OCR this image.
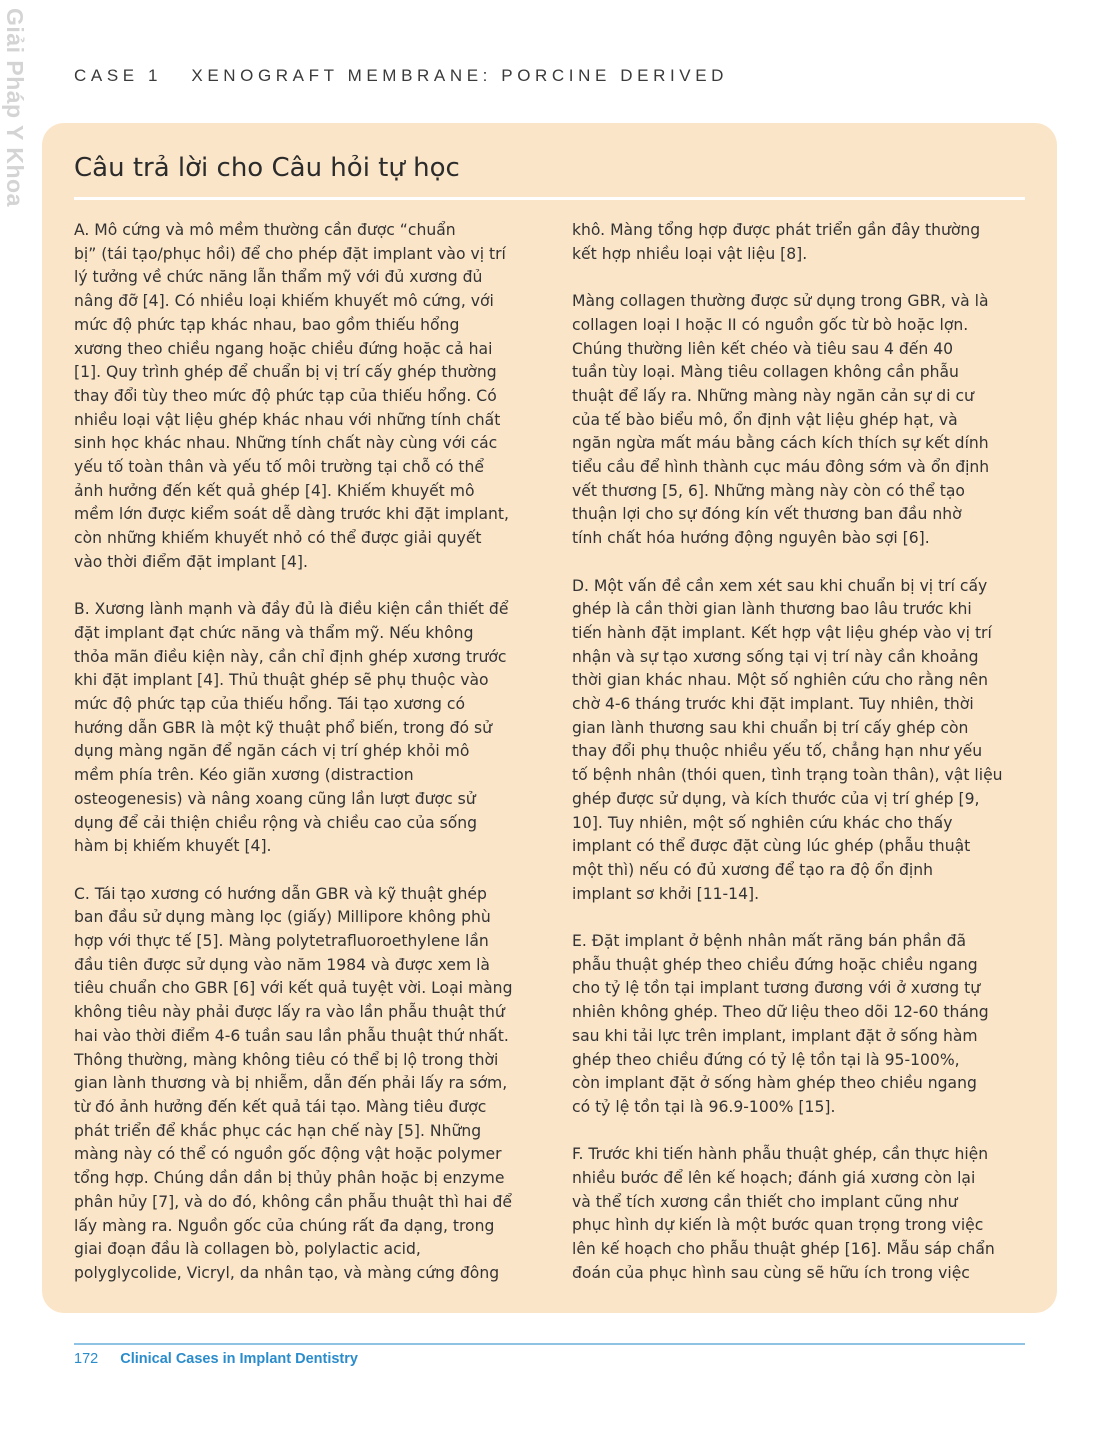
Giải Pháp Y Khoa	CASE 1 XENOGRAFT MEMBRANE: PORCINE DERIVED
Câu trả lời cho Câu hỏi tự học

A. Mô cứng và mô mềm thường cần được “chuẩn
bị” (tái tạo/phục hồi) để cho phép đặt implant vào vị trí
lý tưởng về chức năng lẫn thẩm mỹ với đủ xương đủ
nâng đỡ [4]. Có nhiều loại khiếm khuyết mô cứng, với
mức độ phức tạp khác nhau, bao gồm thiếu hổng
xương theo chiều ngang hoặc chiều đứng hoặc cả hai
[1]. Quy trình ghép để chuẩn bị vị trí cấy ghép thường
thay đổi tùy theo mức độ phức tạp của thiếu hổng. Có
nhiều loại vật liệu ghép khác nhau với những tính chất
sinh học khác nhau. Những tính chất này cùng với các
yếu tố toàn thân và yếu tố môi trường tại chỗ có thể
ảnh hưởng đến kết quả ghép [4]. Khiếm khuyết mô
mềm lớn được kiểm soát dễ dàng trước khi đặt implant,
còn những khiếm khuyết nhỏ có thể được giải quyết
vào thời điểm đặt implant [4].

B. Xương lành mạnh và đầy đủ là điều kiện cần thiết để
đặt implant đạt chức năng và thẩm mỹ. Nếu không
thỏa mãn điều kiện này, cần chỉ định ghép xương trước
khi đặt implant [4]. Thủ thuật ghép sẽ phụ thuộc vào
mức độ phức tạp của thiếu hổng. Tái tạo xương có
hướng dẫn GBR là một kỹ thuật phổ biến, trong đó sử
dụng màng ngăn để ngăn cách vị trí ghép khỏi mô
mềm phía trên. Kéo giãn xương (distraction
osteogenesis) và nâng xoang cũng lần lượt được sử
dụng để cải thiện chiều rộng và chiều cao của sống
hàm bị khiếm khuyết [4].

C. Tái tạo xương có hướng dẫn GBR và kỹ thuật ghép
ban đầu sử dụng màng lọc (giấy) Millipore không phù
hợp với thực tế [5]. Màng polytetrafluoroethylene lần
đầu tiên được sử dụng vào năm 1984 và được xem là
tiêu chuẩn cho GBR [6] với kết quả tuyệt vời. Loại màng
không tiêu này phải được lấy ra vào lần phẫu thuật thứ
hai vào thời điểm 4-6 tuần sau lần phẫu thuật thứ nhất.
Thông thường, màng không tiêu có thể bị lộ trong thời
gian lành thương và bị nhiễm, dẫn đến phải lấy ra sớm,
từ đó ảnh hưởng đến kết quả tái tạo. Màng tiêu được
phát triển để khắc phục các hạn chế này [5]. Những
màng này có thể có nguồn gốc động vật hoặc polymer
tổng hợp. Chúng dần dần bị thủy phân hoặc bị enzyme
phân hủy [7], và do đó, không cần phẫu thuật thì hai để
lấy màng ra. Nguồn gốc của chúng rất đa dạng, trong
giai đoạn đầu là collagen bò, polylactic acid,
polyglycolide, Vicryl, da nhân tạo, và màng cứng đông

khô. Màng tổng hợp được phát triển gần đây thường
kết hợp nhiều loại vật liệu [8].

Màng collagen thường được sử dụng trong GBR, và là
collagen loại I hoặc II có nguồn gốc từ bò hoặc lợn.
Chúng thường liên kết chéo và tiêu sau 4 đến 40
tuần tùy loại. Màng tiêu collagen không cần phẫu
thuật để lấy ra. Những màng này ngăn cản sự di cư
của tế bào biểu mô, ổn định vật liệu ghép hạt, và
ngăn ngừa mất máu bằng cách kích thích sự kết dính
tiểu cầu để hình thành cục máu đông sớm và ổn định
vết thương [5, 6]. Những màng này còn có thể tạo
thuận lợi cho sự đóng kín vết thương ban đầu nhờ
tính chất hóa hướng động nguyên bào sợi [6].

D. Một vấn đề cần xem xét sau khi chuẩn bị vị trí cấy
ghép là cần thời gian lành thương bao lâu trước khi
tiến hành đặt implant. Kết hợp vật liệu ghép vào vị trí
nhận và sự tạo xương sống tại vị trí này cần khoảng
thời gian khác nhau. Một số nghiên cứu cho rằng nên
chờ 4-6 tháng trước khi đặt implant. Tuy nhiên, thời
gian lành thương sau khi chuẩn bị trí cấy ghép còn
thay đổi phụ thuộc nhiều yếu tố, chẳng hạn như yếu
tố bệnh nhân (thói quen, tình trạng toàn thân), vật liệu
ghép được sử dụng, và kích thước của vị trí ghép [9,
10]. Tuy nhiên, một số nghiên cứu khác cho thấy
implant có thể được đặt cùng lúc ghép (phẫu thuật
một thì) nếu có đủ xương để tạo ra độ ổn định
implant sơ khởi [11-14].

E. Đặt implant ở bệnh nhân mất răng bán phần đã
phẫu thuật ghép theo chiều đứng hoặc chiều ngang
cho tỷ lệ tồn tại implant tương đương với ở xương tự
nhiên không ghép. Theo dữ liệu theo dõi 12-60 tháng
sau khi tải lực trên implant, implant đặt ở sống hàm
ghép theo chiều đứng có tỷ lệ tồn tại là 95-100%,
còn implant đặt ở sống hàm ghép theo chiều ngang
có tỷ lệ tồn tại là 96.9-100% [15].

F. Trước khi tiến hành phẫu thuật ghép, cần thực hiện
nhiều bước để lên kế hoạch; đánh giá xương còn lại
và thể tích xương cần thiết cho implant cũng như
phục hình dự kiến là một bước quan trọng trong việc
lên kế hoạch cho phẫu thuật ghép [16]. Mẫu sáp chẩn
đoán của phục hình sau cùng sẽ hữu ích trong việc

172 Clinical Cases in Implant Dentistry
